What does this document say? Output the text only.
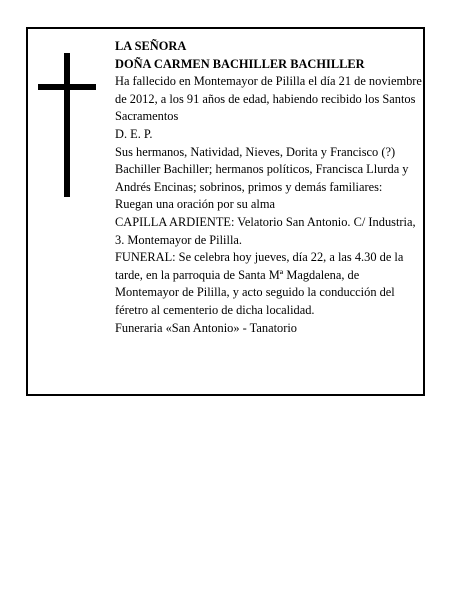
LA SEÑORA
DOÑA CARMEN BACHILLER BACHILLER
Ha fallecido en Montemayor de Pililla el día 21 de noviembre de 2012, a los 91 años de edad, habiendo recibido los Santos Sacramentos
D. E. P.
Sus hermanos, Natividad, Nieves, Dorita y Francisco (?) Bachiller Bachiller; hermanos políticos, Francisca Llurda y Andrés Encinas; sobrinos, primos y demás familiares:
Ruegan una oración por su alma
CAPILLA ARDIENTE: Velatorio San Antonio. C/ Industria, 3. Montemayor de Pililla.
FUNERAL: Se celebra hoy jueves, día 22, a las 4.30 de la tarde, en la parroquia de Santa Mª Magdalena, de Montemayor de Pililla, y acto seguido la conducción del féretro al cementerio de dicha localidad.
Funeraria «San Antonio» - Tanatorio
